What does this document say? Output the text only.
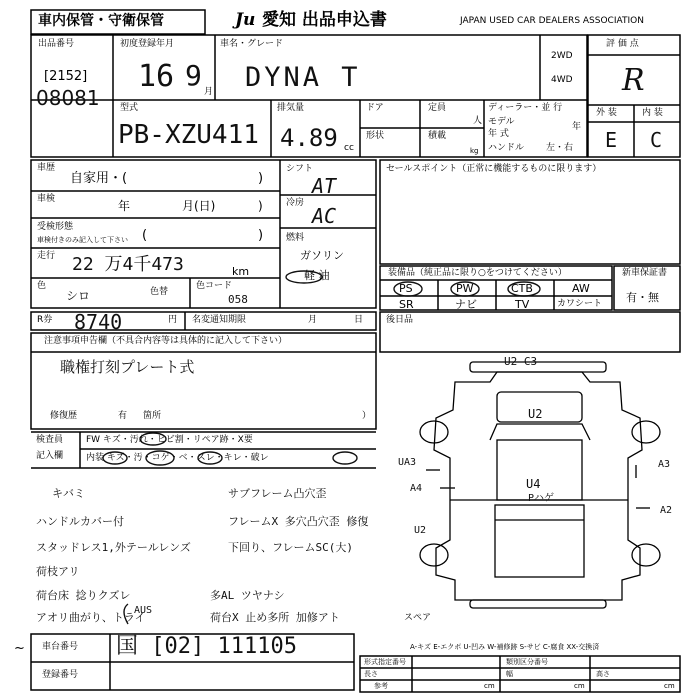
車内保管・守衛保管	Ju 愛知 出品申込書	JAPAN USED CAR DEALERS ASSOCIATION
出品番号
[2152]
08081
初度登録年月
16 9 月
車名・グレード
DYNA T
2WD
4WD
評 価 点
R
外 装	内 装
E C
型式
PB-XZU411
排気量
4.89 cc
ドア	定員
人
形状	積載
kg
ディーラー・並 行
モデル	年
年 式
ハンドル 左・右
車歴
自家用・(	)
車検	年	月(日)	)
受検形態
車検付きのみ記入して下さい (	)
走行 22 万4千473	km
色
シロ	色替
色コード
058
シフト
AT
冷房
AC
燃料
ガソリン
軽 油
セールスポイント（正常に機能するものに限ります）
装備品（純正品に限り○をつけてください）
PS	PW	CTB	AW
SR	ナビ	TV	カワシート
新車保証書
有・無
R券 8740	円 名変通知期限	月	日	後日品
注意事項申告欄（不具合内容等は具体的に記入して下さい）
職権打刻プレート式
修復歴	有 箇所	）
検査員
記入欄
FW キズ・汚れ・ヒビ割・リペア跡・X要
内装 キズ・汚・コゲ・ベ・スレ・キレ・破レ
キバミ
ハンドルカバー付
スタッドレス1,外テールレンズ
荷枝アリ
荷台床 捻りクズレ
アオリ曲がり、トライ
サブフレーム凸穴歪
フレームX 多穴凸穴歪 修復
下回り、フレームSC(大)
多AL ツヤナシ
荷台X 止め多所 加修アト
AUS
U2 C3
U2
U4
Pハゲ
UA3
A4
A3
A2
U2
スペア
A-キズ E-エクボ U-凹み W-補修跡 S-サビ C-腐食 XX-交換済
車台番号 国 [02] 111105
登録番号
~
形式指定番号	類別区分番号
長さ	幅	高さ
参考	cm	cm	cm
